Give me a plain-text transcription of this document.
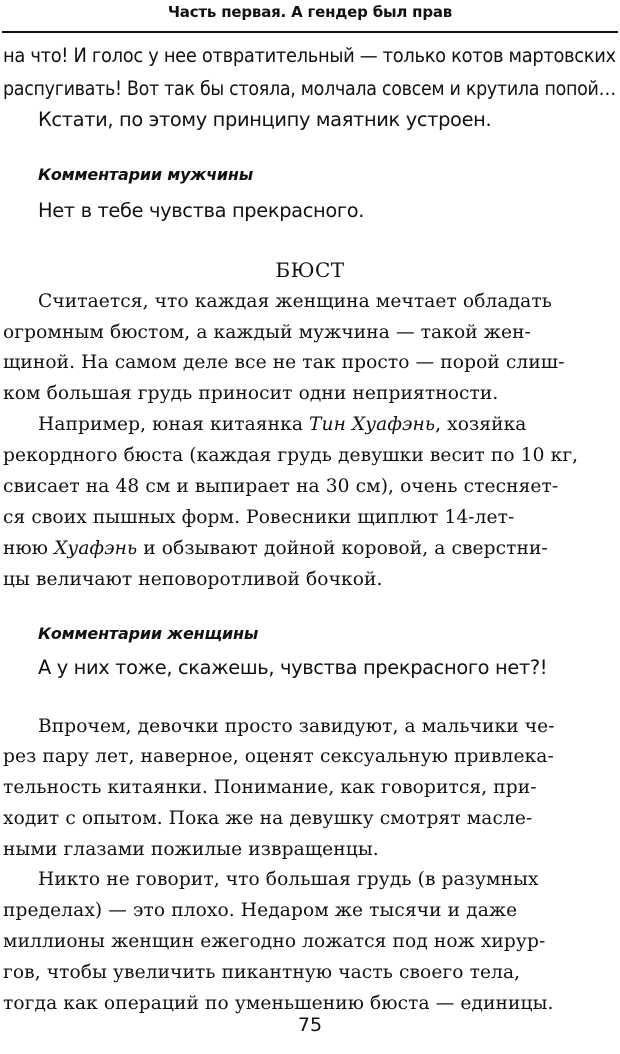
Часть первая. А гендер был прав

на что! И голос у нее отвратительный — только котов мартовских

распугивать! Вот так бы стояла, молчала совсем и крутила попой…

Кстати, по этому принципу маятник устроен.

Комментарии мужчины

Нет в тебе чувства прекрасного.

БЮСТ

Считается, что каждая женщина мечтает обладать

огромным бюстом, а каждый мужчина — такой жен-

щиной. На самом деле все не так просто — порой слиш-

ком большая грудь приносит одни неприятности.

Например, юная китаянка Тин Хуафэнь, хозяйка

рекордного бюста (каждая грудь девушки весит по 10 кг,

свисает на 48 см и выпирает на 30 см), очень стесняет-

ся своих пышных форм. Ровесники щиплют 14-лет-

нюю Хуафэнь и обзывают дойной коровой, а сверстни-

цы величают неповоротливой бочкой.

Комментарии женщины

А у них тоже, скажешь, чувства прекрасного нет?!

Впрочем, девочки просто завидуют, а мальчики че-

рез пару лет, наверное, оценят сексуальную привлека-

тельность китаянки. Понимание, как говорится, при-

ходит с опытом. Пока же на девушку смотрят масле-

ными глазами пожилые извращенцы.

Никто не говорит, что большая грудь (в разумных

пределах) — это плохо. Недаром же тысячи и даже

миллионы женщин ежегодно ложатся под нож хирур-

гов, чтобы увеличить пикантную часть своего тела,

тогда как операций по уменьшению бюста — единицы.

75
